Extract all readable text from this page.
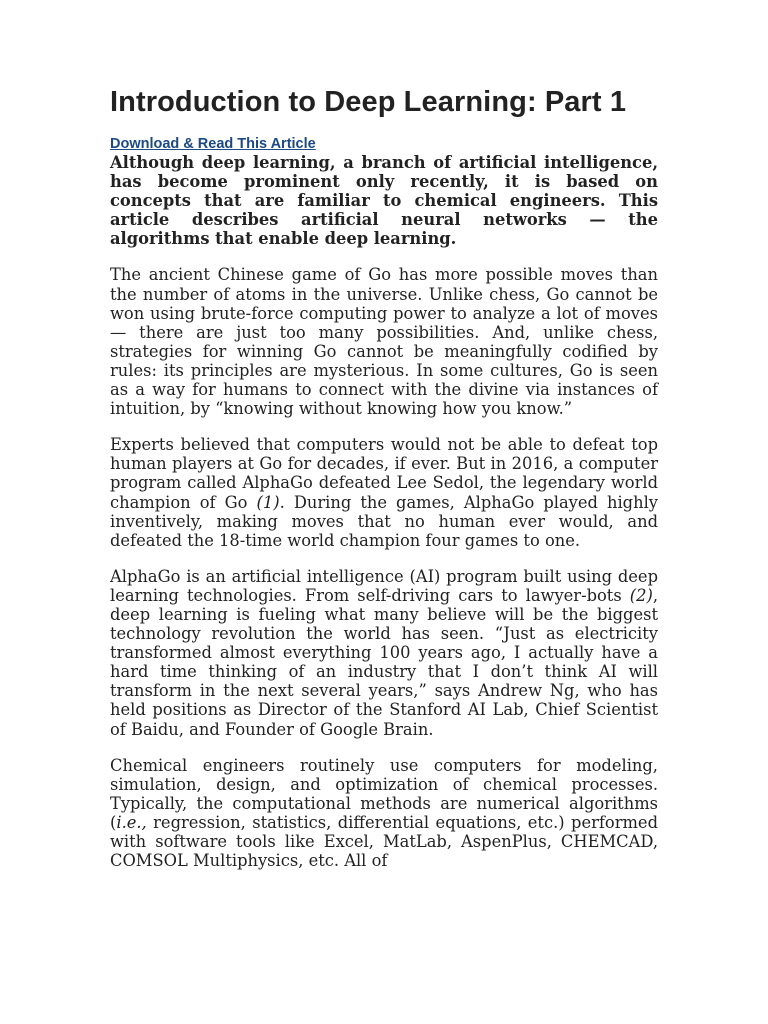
Introduction to Deep Learning: Part 1
Download & Read This Article

Although deep learning, a branch of artificial intelligence, has become prominent only recently, it is based on concepts that are familiar to chemical engineers. This article describes artificial neural networks — the algorithms that enable deep learning.

The ancient Chinese game of Go has more possible moves than the number of atoms in the universe. Unlike chess, Go cannot be won using brute-force computing power to analyze a lot of moves — there are just too many possibilities. And, unlike chess, strategies for winning Go cannot be meaningfully codified by rules: its principles are mysterious. In some cultures, Go is seen as a way for humans to connect with the divine via instances of intuition, by “knowing without knowing how you know.”

Experts believed that computers would not be able to defeat top human players at Go for decades, if ever. But in 2016, a computer program called AlphaGo defeated Lee Sedol, the legendary world champion of Go (1). During the games, AlphaGo played highly inventively, making moves that no human ever would, and defeated the 18-time world champion four games to one.

AlphaGo is an artificial intelligence (AI) program built using deep learning technologies. From self-driving cars to lawyer-bots (2), deep learning is fueling what many believe will be the biggest technology revolution the world has seen. “Just as electricity transformed almost everything 100 years ago, I actually have a hard time thinking of an industry that I don’t think AI will transform in the next several years,” says Andrew Ng, who has held positions as Director of the Stanford AI Lab, Chief Scientist of Baidu, and Founder of Google Brain.

Chemical engineers routinely use computers for modeling, simulation, design, and optimization of chemical processes. Typically, the computational methods are numerical algorithms (i.e., regression, statistics, differential equations, etc.) performed with software tools like Excel, MatLab, AspenPlus, CHEMCAD, COMSOL Multiphysics, etc. All of
